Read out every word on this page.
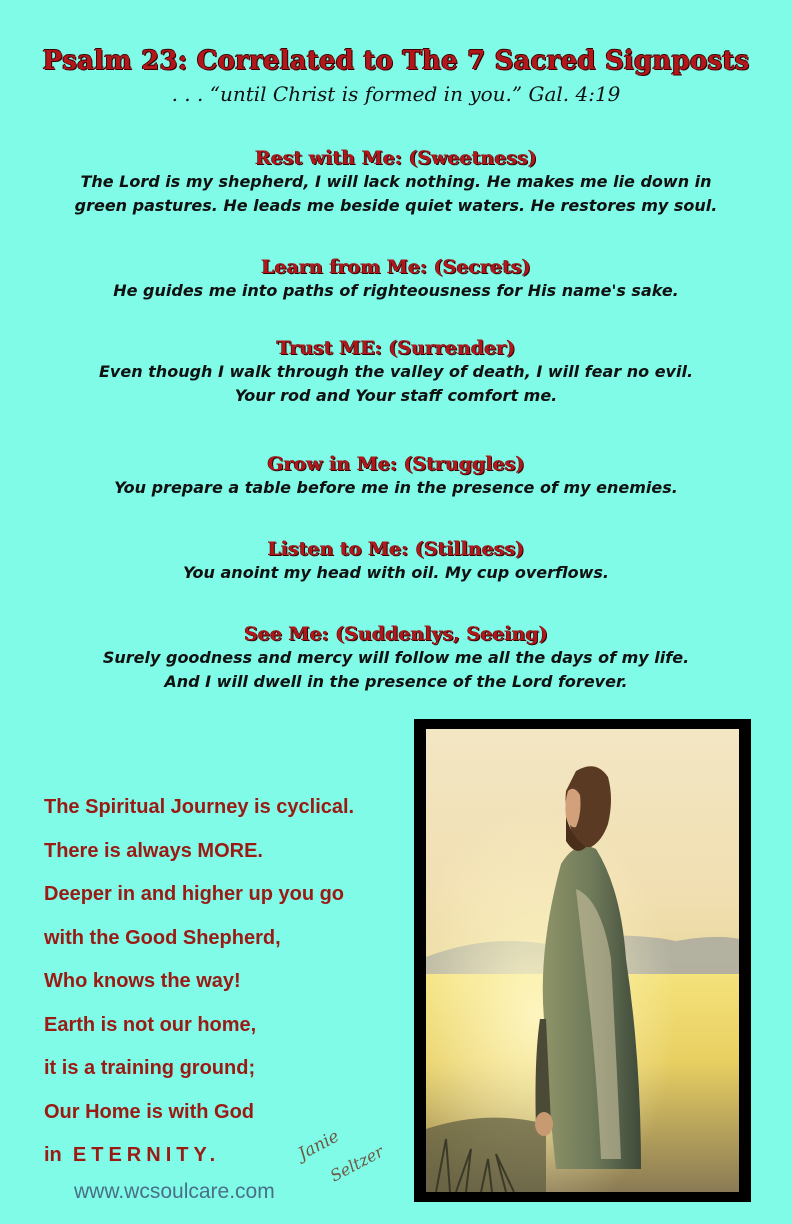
Psalm 23: Correlated to The 7 Sacred Signposts
. . . “until Christ is formed in you.” Gal. 4:19
Rest with Me: (Sweetness)
The Lord is my shepherd, I will lack nothing. He makes me lie down in
green pastures. He leads me beside quiet waters. He restores my soul.
Learn from Me: (Secrets)
He guides me into paths of righteousness for His name's sake.
Trust ME: (Surrender)
Even though I walk through the valley of death, I will fear no evil.
Your rod and Your staff comfort me.
Grow in Me: (Struggles)
You prepare a table before me in the presence of my enemies.
Listen to Me: (Stillness)
You anoint my head with oil. My cup overflows.
See Me: (Suddenlys, Seeing)
Surely goodness and mercy will follow me all the days of my life.
And I will dwell in the presence of the Lord forever.
The Spiritual Journey is cyclical.
There is always MORE.
Deeper in and higher up you go
with the Good Shepherd,
Who knows the way!
Earth is not our home,
it is a training ground;
Our Home is with God
in ETERNITY.	Janie
Seltzer
www.wcsoulcare.com
